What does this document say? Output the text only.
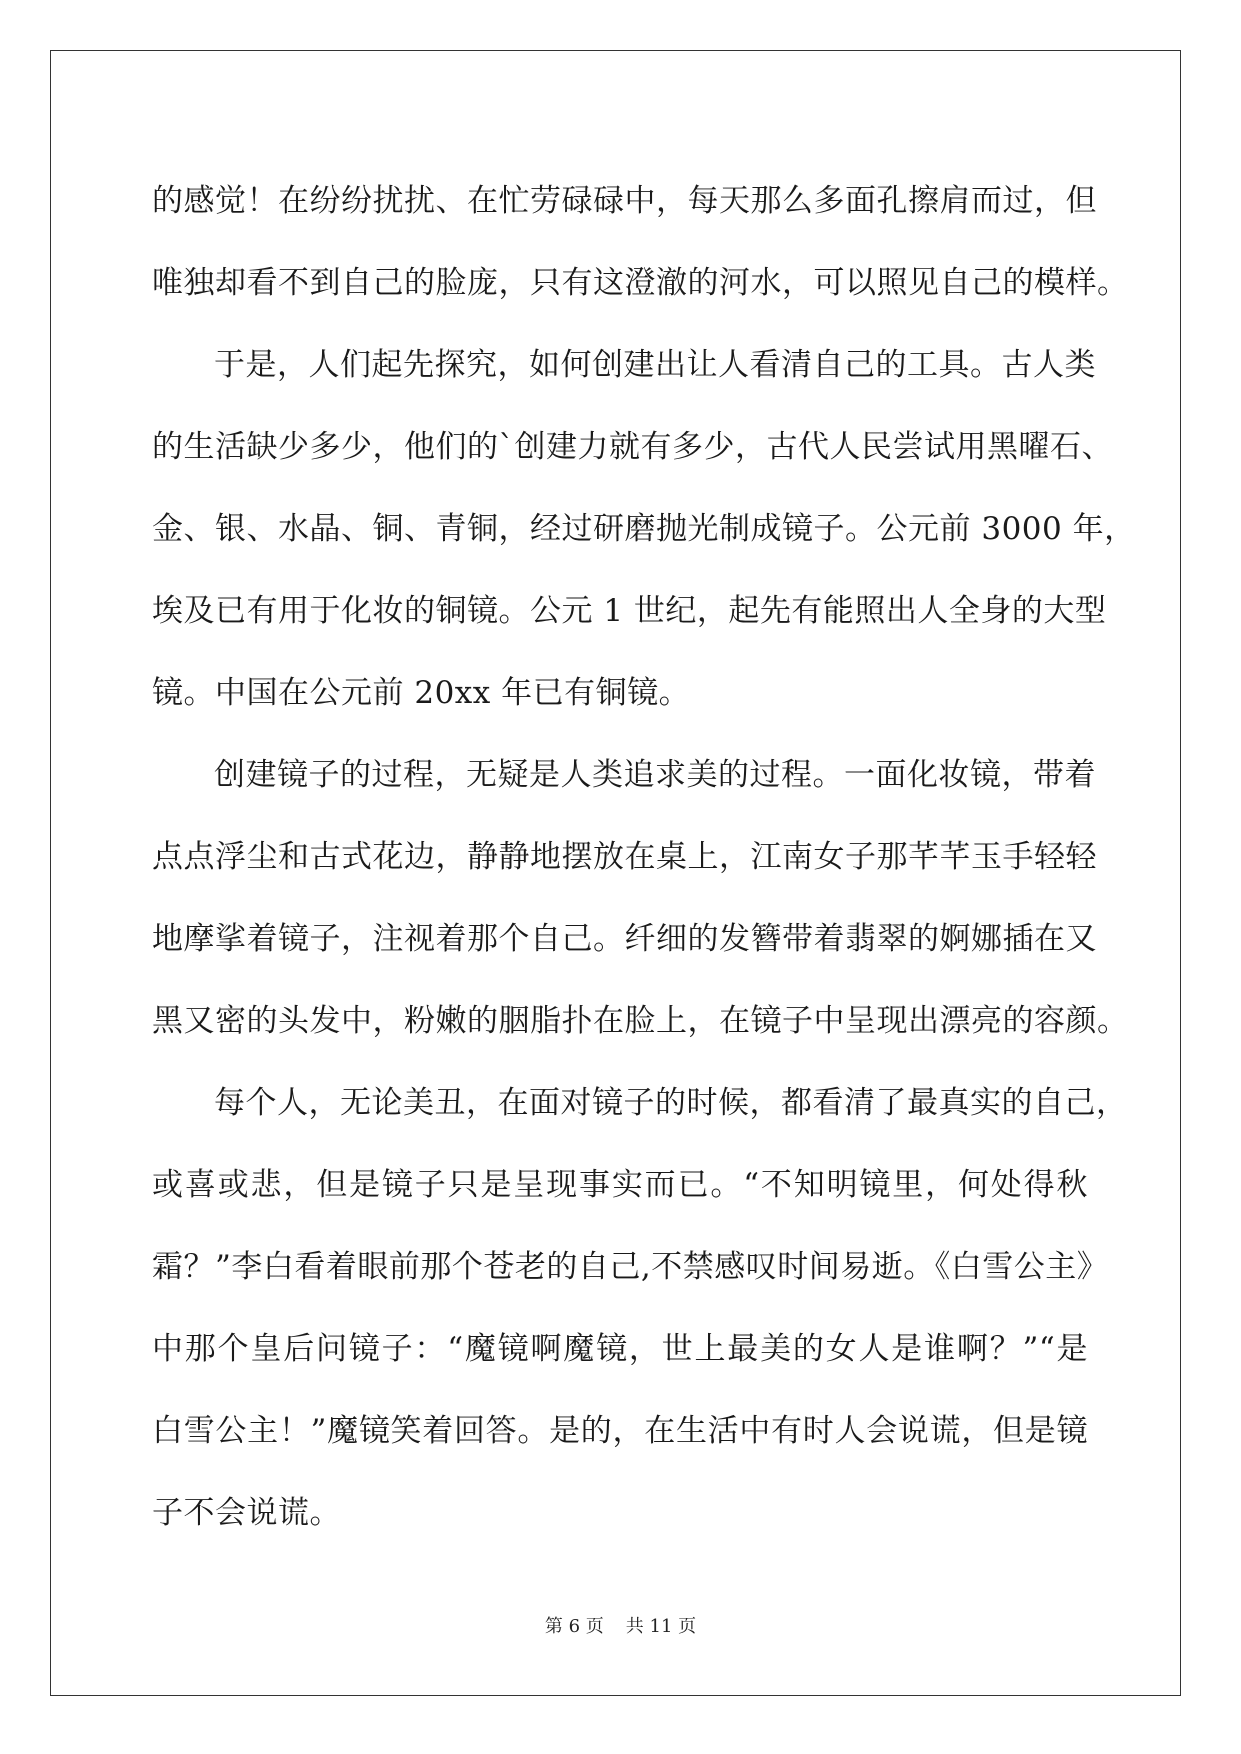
的感觉！在纷纷扰扰、在忙劳碌碌中，每天那么多面孔擦肩而过，但
唯独却看不到自己的脸庞，只有这澄澈的河水，可以照见自己的模样。
于是，人们起先探究，如何创建出让人看清自己的工具。古人类
的生活缺少多少，他们的`创建力就有多少，古代人民尝试用黑曜石、
金、银、水晶、铜、青铜，经过研磨抛光制成镜子。公元前 3000 年，
埃及已有用于化妆的铜镜。公元 1 世纪，起先有能照出人全身的大型
镜。中国在公元前 20xx 年已有铜镜。
创建镜子的过程，无疑是人类追求美的过程。一面化妆镜，带着
点点浮尘和古式花边，静静地摆放在桌上，江南女子那芊芊玉手轻轻
地摩挲着镜子，注视着那个自己。纤细的发簪带着翡翠的婀娜插在又
黑又密的头发中，粉嫩的胭脂扑在脸上，在镜子中呈现出漂亮的容颜。
每个人，无论美丑，在面对镜子的时候，都看清了最真实的自己，
或喜或悲，但是镜子只是呈现事实而已。“不知明镜里，何处得秋
霜？”李白看着眼前那个苍老的自己,不禁感叹时间易逝。《白雪公主》
中那个皇后问镜子：“魔镜啊魔镜，世上最美的女人是谁啊？”“是
白雪公主！”魔镜笑着回答。是的，在生活中有时人会说谎，但是镜
子不会说谎。
第 6 页 共 11 页
